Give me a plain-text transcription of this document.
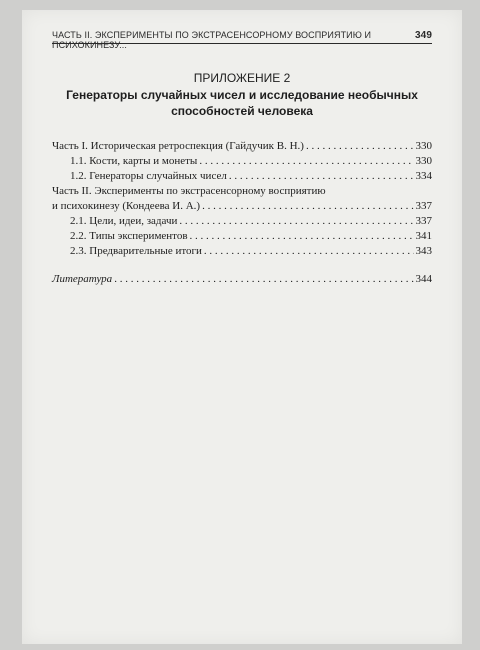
ЧАСТЬ II. ЭКСПЕРИМЕНТЫ ПО ЭКСТРАСЕНСОРНОМУ ВОСПРИЯТИЮ И ПСИХОКИНЕЗУ...
349
ПРИЛОЖЕНИЕ 2
Генераторы случайных чисел и исследование необычных способностей человека
Часть I. Историческая ретроспекция (Гайдучик В. Н.) . . .	330
1.1. Кости, карты и монеты . . .	330
1.2. Генераторы случайных чисел . . .	334
Часть II. Эксперименты по экстрасенсорному восприятию
и психокинезу (Кондеева И. А.) . . .	337
2.1. Цели, идеи, задачи . . .	337
2.2. Типы экспериментов . . .	341
2.3. Предварительные итоги . . .	343
Литература . . .	344
